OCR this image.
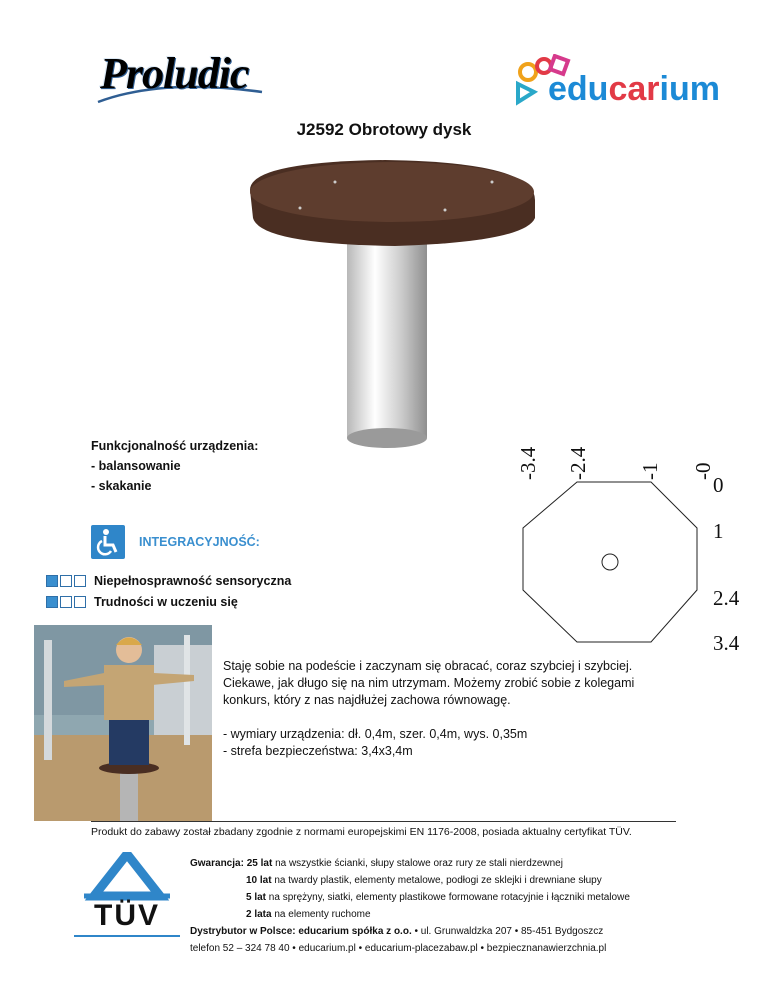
Proludic	educarium
J2592 Obrotowy dysk
Funkcjonalność urządzenia:
- balansowanie
- skakanie
INTEGRACYJNOŚĆ:
Niepełnosprawność sensoryczna
Trudności w uczeniu się
Staję sobie na podeście i zaczynam się obracać, coraz szybciej i szybciej.
Ciekawe, jak długo się na nim utrzymam. Możemy zrobić sobie z kolegami
konkurs, który z nas najdłużej zachowa równowagę.
- wymiary urządzenia: dł. 0,4m, szer. 0,4m, wys. 0,35m
- strefa bezpieczeństwa: 3,4x3,4m
-3.4 -2.4 -1 -0
0
1
2.4
3.4
Produkt do zabawy został zbadany zgodnie z normami europejskimi EN 1176-2008, posiada aktualny certyfikat TÜV.
TÜV
Gwarancja: 25 lat na wszystkie ścianki, słupy stalowe oraz rury ze stali nierdzewnej
10 lat na twardy plastik, elementy metalowe, podłogi ze sklejki i drewniane słupy
5 lat na sprężyny, siatki, elementy plastikowe formowane rotacyjnie i łączniki metalowe
2 lata na elementy ruchome
Dystrybutor w Polsce: educarium spółka z o.o. • ul. Grunwaldzka 207 • 85-451 Bydgoszcz
telefon 52 – 324 78 40 • educarium.pl • educarium-placezabaw.pl • bezpiecznanawierzchnia.pl
